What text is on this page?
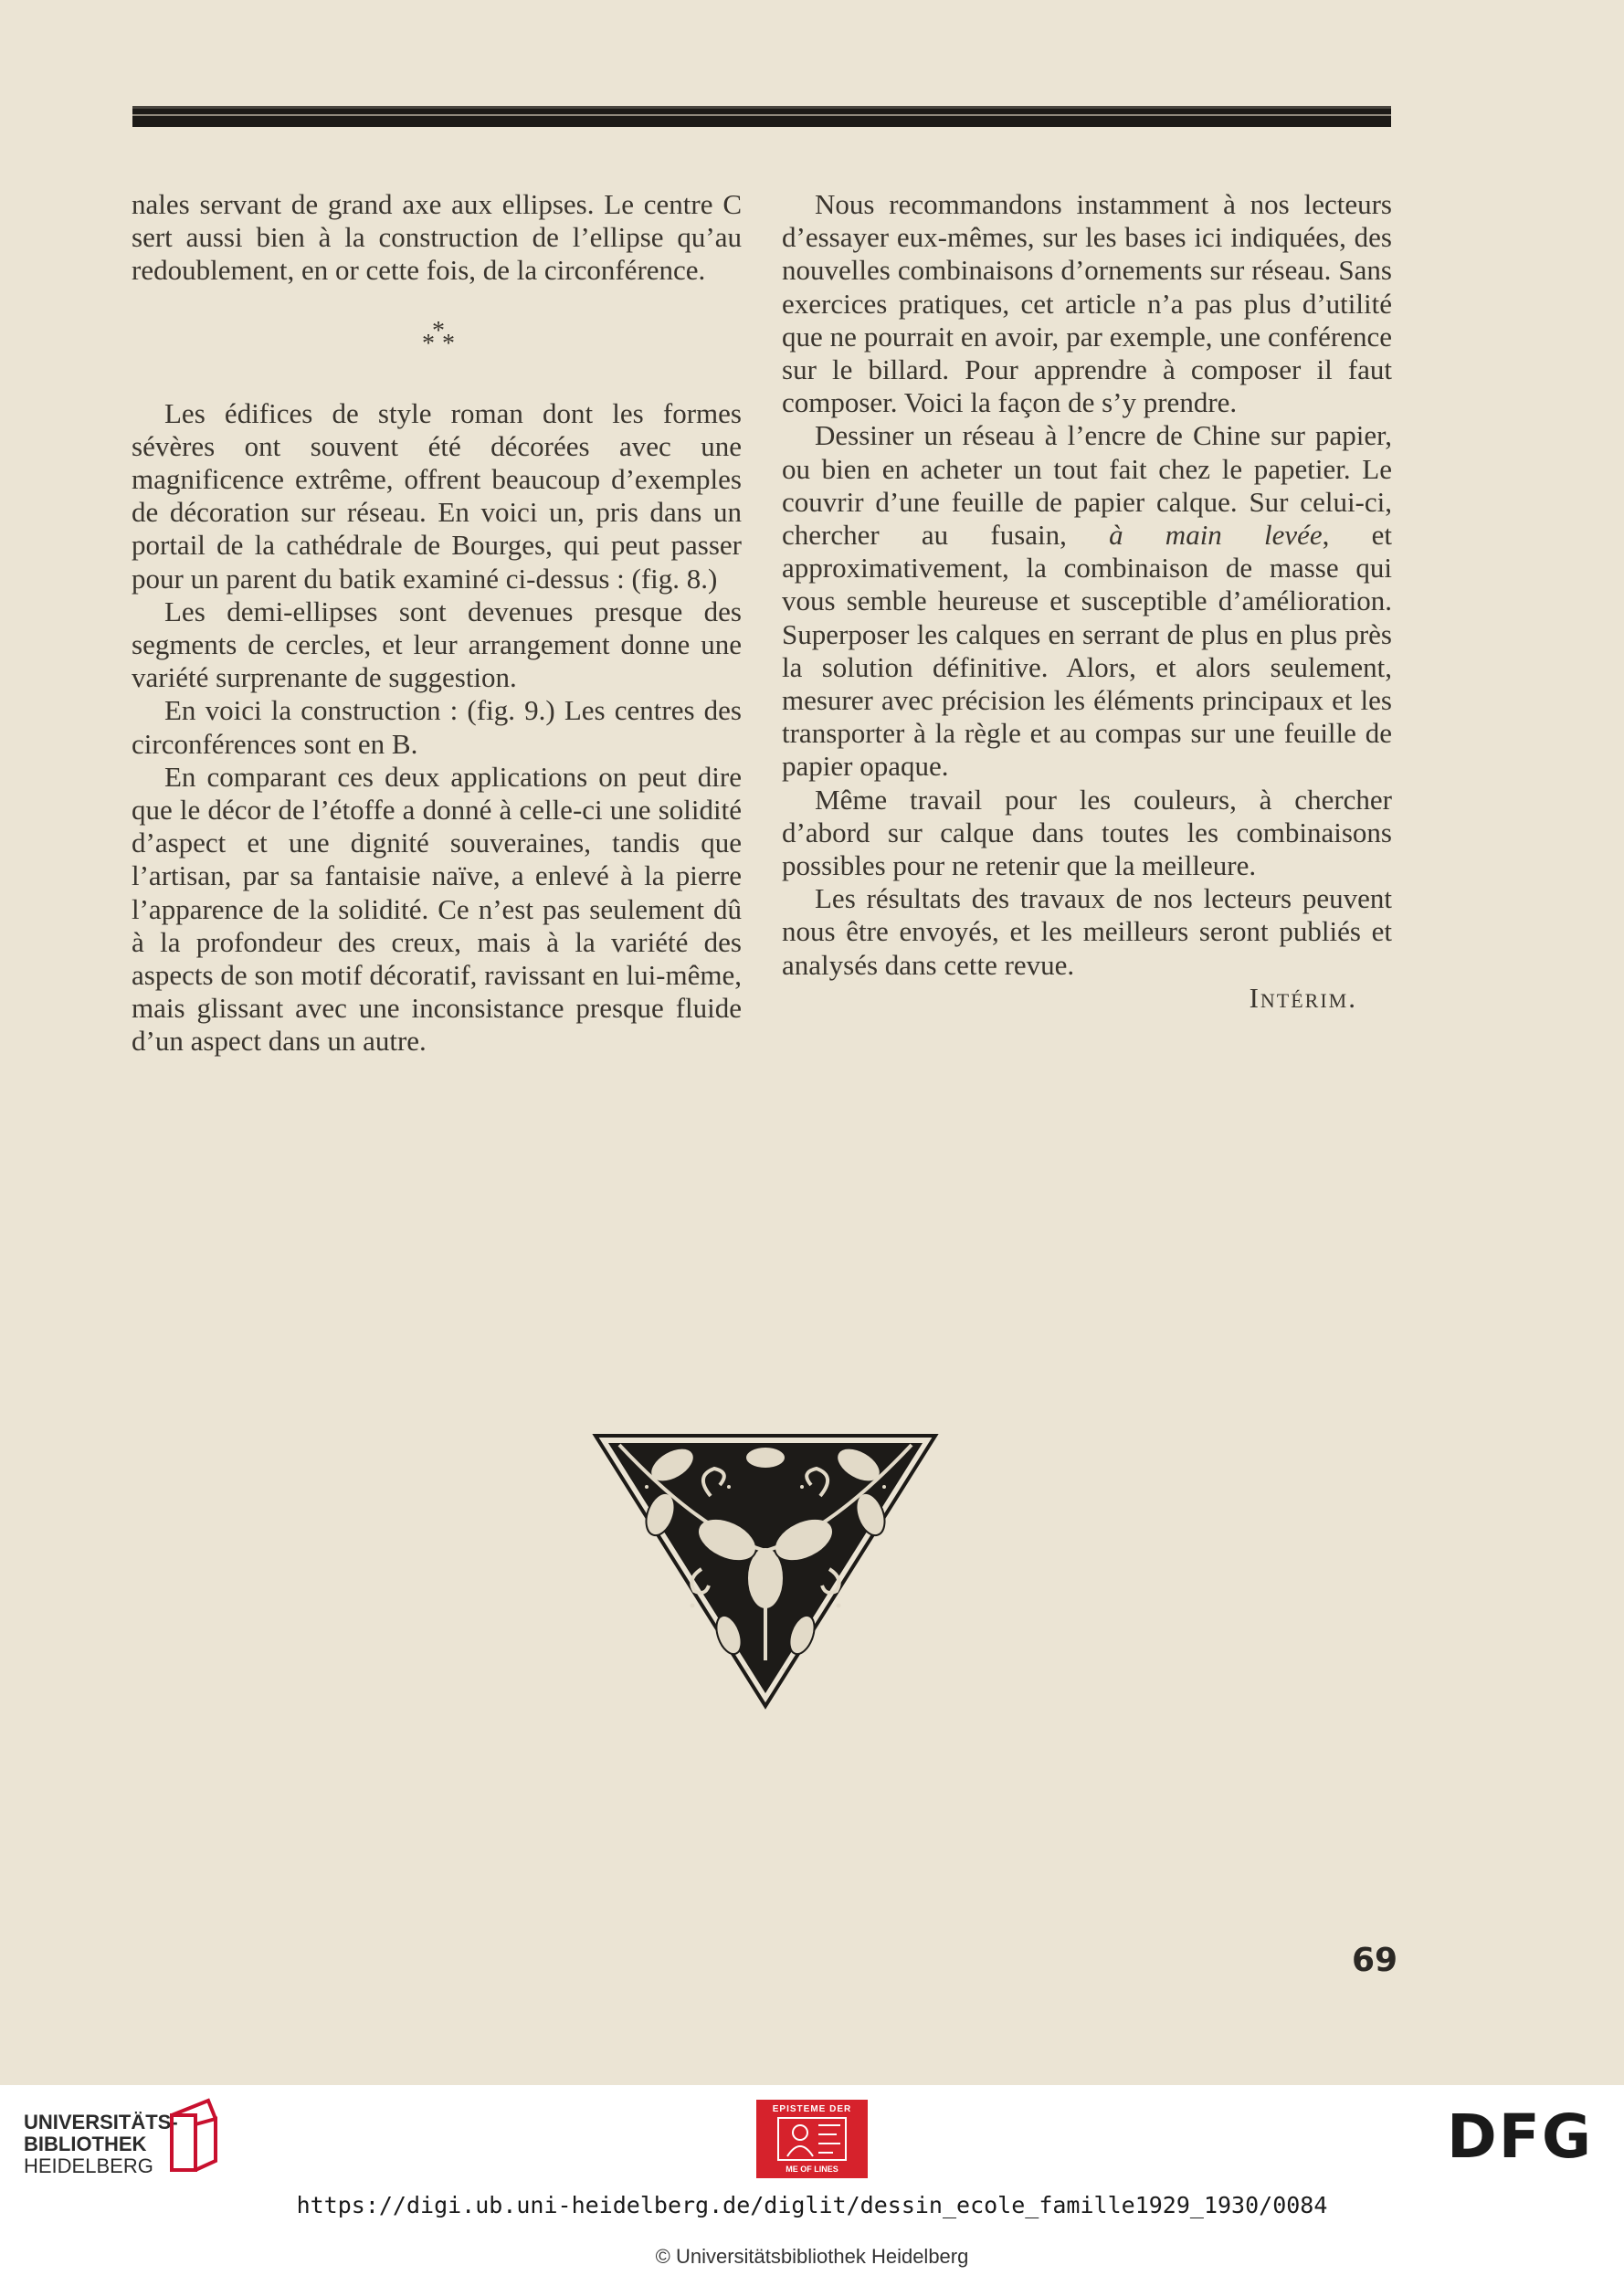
nales servant de grand axe aux ellipses. Le centre C sert aussi bien à la construction de l’ellipse qu’au redoublement, en or cette fois, de la circonférence.

*
* *

Les édifices de style roman dont les formes sévères ont souvent été décorées avec une magnificence extrême, offrent beaucoup d’exemples de décoration sur réseau. En voici un, pris dans un portail de la cathédrale de Bourges, qui peut passer pour un parent du batik examiné ci-dessus : (fig. 8.)

Les demi-ellipses sont devenues presque des segments de cercles, et leur arrangement donne une variété surprenante de suggestion.

En voici la construction : (fig. 9.) Les centres des circonférences sont en B.

En comparant ces deux applications on peut dire que le décor de l’étoffe a donné à celle-ci une solidité d’aspect et une dignité souveraines, tandis que l’artisan, par sa fantaisie naïve, a enlevé à la pierre l’apparence de la solidité. Ce n’est pas seulement dû à la profondeur des creux, mais à la variété des aspects de son motif décoratif, ravissant en lui-même, mais glissant avec une inconsistance presque fluide d’un aspect dans un autre.

Nous recommandons instamment à nos lecteurs d’essayer eux-mêmes, sur les bases ici indiquées, des nouvelles combinaisons d’ornements sur réseau. Sans exercices pratiques, cet article n’a pas plus d’utilité que ne pourrait en avoir, par exemple, une conférence sur le billard. Pour apprendre à composer il faut composer. Voici la façon de s’y prendre.

Dessiner un réseau à l’encre de Chine sur papier, ou bien en acheter un tout fait chez le papetier. Le couvrir d’une feuille de papier calque. Sur celui-ci, chercher au fusain, à main levée, et approximativement, la combinaison de masse qui vous semble heureuse et susceptible d’amélioration. Superposer les calques en serrant de plus en plus près la solution définitive. Alors, et alors seulement, mesurer avec précision les éléments principaux et les transporter à la règle et au compas sur une feuille de papier opaque.

Même travail pour les couleurs, à chercher d’abord sur calque dans toutes les combinaisons possibles pour ne retenir que la meilleure.

Les résultats des travaux de nos lecteurs peuvent nous être envoyés, et les meilleurs seront publiés et analysés dans cette revue.

Intérim.

69
UNIVERSITÄTS-
BIBLIOTHEK
HEIDELBERG
EPISTEME DER
ME OF LINES	DFG
https://digi.ub.uni-heidelberg.de/diglit/dessin_ecole_famille1929_1930/0084
© Universitätsbibliothek Heidelberg
